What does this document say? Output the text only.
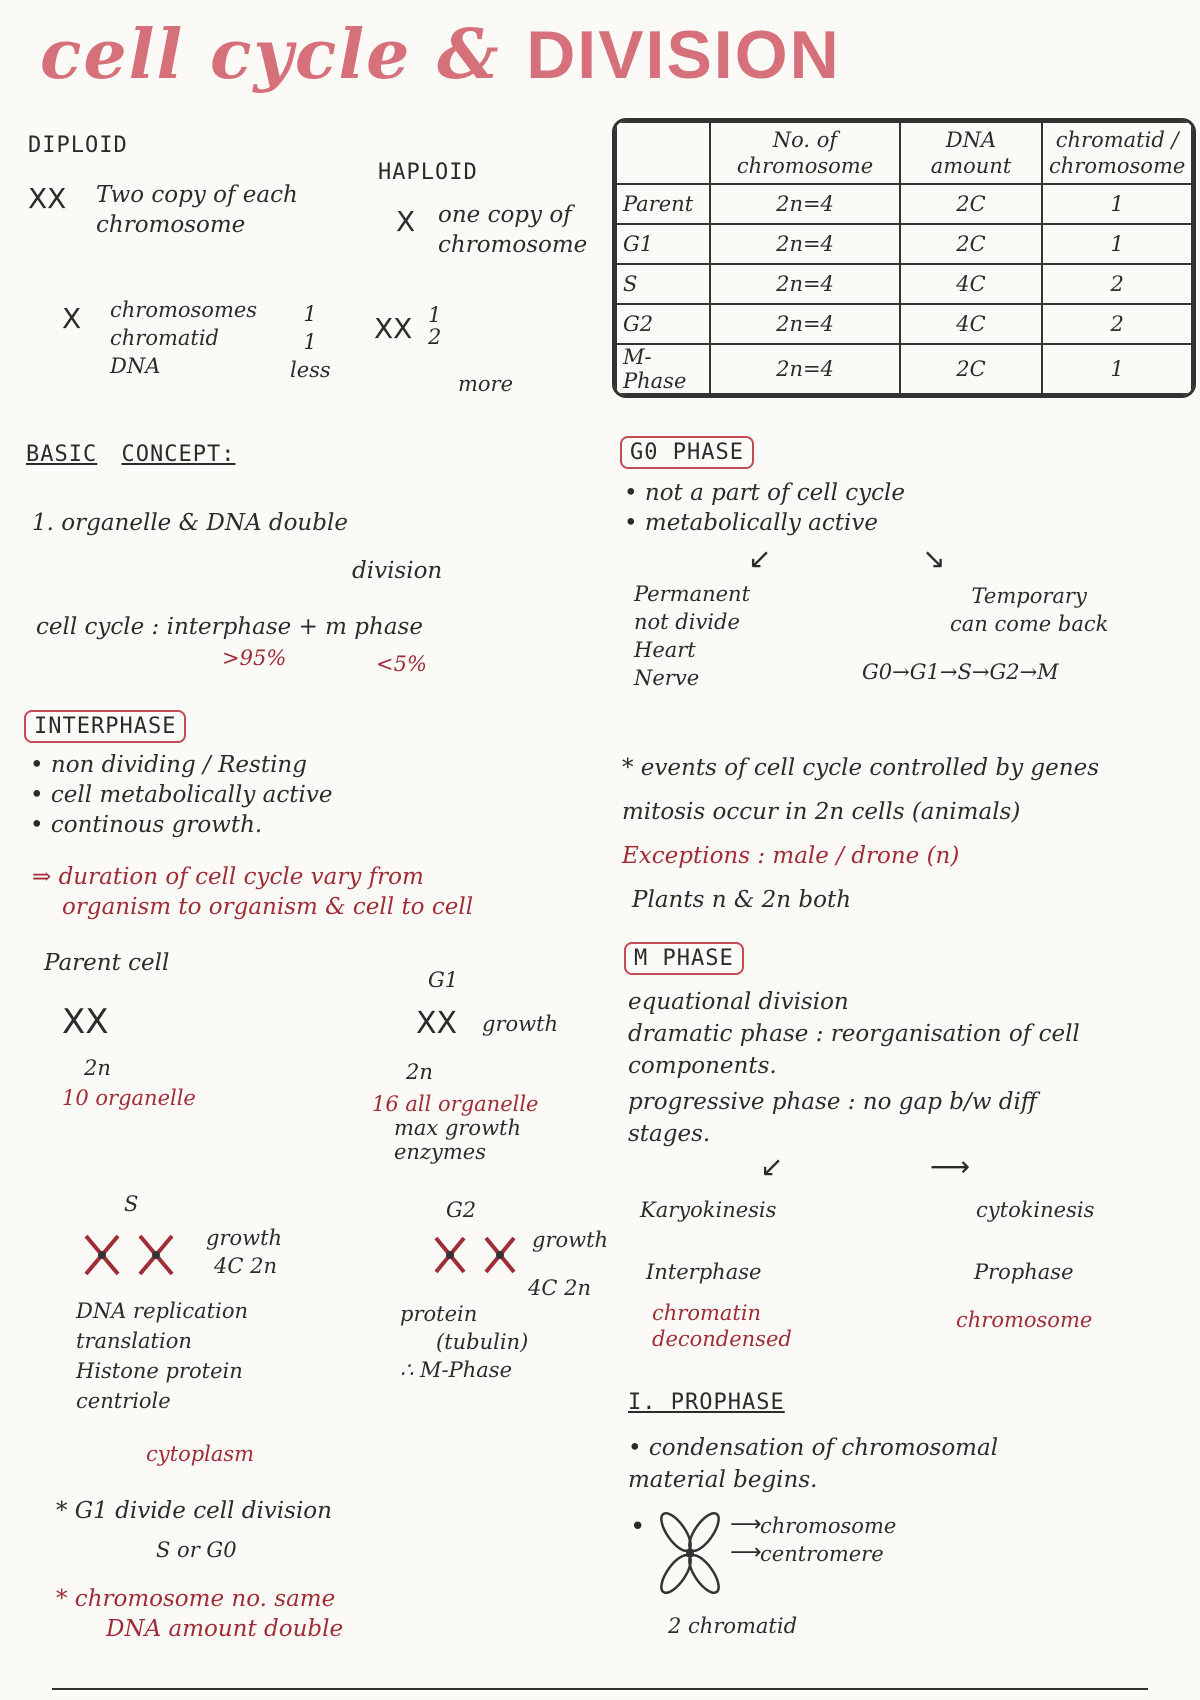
cell cycle & DIVISION
DIPLOID
XX Two copy of each chromosome
HAPLOID
X one copy of chromosome
X chromosomes
chromatid
DNA
1
1
less
XX 1
2
more
	No. of chromosome	DNA amount	chromatid / chromosome
Parent	2n=4	2C	1
G1	2n=4	2C	1
S	2n=4	4C	2
G2	2n=4	4C	2
M-Phase	2n=4	2C	1
BASIC CONCEPT:
1. organelle & DNA double
division
cell cycle : interphase + m phase
>95%	<5%
G0 PHASE
• not a part of cell cycle
• metabolically active
↙	↘
Permanent
not divide
Heart
Nerve
Temporary
can come back
G0→G1→S→G2→M
INTERPHASE
• non dividing / Resting
• cell metabolically active
• continous growth.
⇒ duration of cell cycle vary from
organism to organism & cell to cell
* events of cell cycle controlled by genes
mitosis occur in 2n cells (animals)
Exceptions : male / drone (n)
Plants n & 2n both
Parent cell
XX
2n
10 organelle
G1
XX growth
2n
16 all organelle
max growth
enzymes
S
growth
4C 2n
DNA replication
translation
Histone protein
centriole
cytoplasm
G2
growth
4C 2n
protein
(tubulin)
∴ M-Phase
* G1 divide cell division
S or G0
* chromosome no. same
DNA amount double
M PHASE
equational division
dramatic phase : reorganisation of cell
components.
progressive phase : no gap b/w diff
stages.
↙	⟶
Karyokinesis	cytokinesis
Interphase	Prophase
chromatin
decondensed
chromosome
I. PROPHASE
• condensation of chromosomal
material begins.
•	⟶
⟶
chromosome
centromere
2 chromatid
